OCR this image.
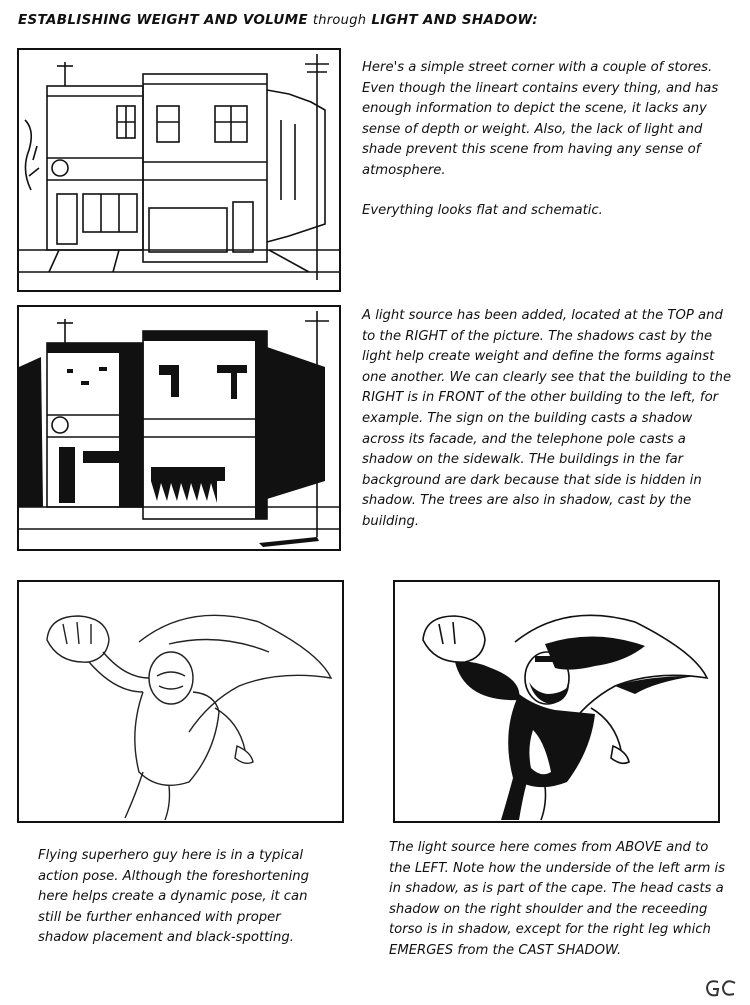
ESTABLISHING WEIGHT AND VOLUME through LIGHT AND SHADOW:

Here's a simple street corner with a couple of stores. Even though the lineart contains every thing, and has enough information to depict the scene, it lacks any sense of depth or weight. Also, the lack of light and shade prevent this scene from having any sense of atmosphere.

Everything looks flat and schematic.

A light source has been added, located at the TOP and to the RIGHT of the picture. The shadows cast by the light help create weight and define the forms against one another. We can clearly see that the building to the RIGHT is in FRONT of the other building to the left, for example. The sign on the building casts a shadow across its facade, and the telephone pole casts a shadow on the sidewalk. THe buildings in the far background are dark because that side is hidden in shadow. The trees are also in shadow, cast by the building.

Flying superhero guy here is in a typical action pose. Although the foreshortening here helps create a dynamic pose, it can still be further enhanced with proper shadow placement and black-spotting.

The light source here comes from ABOVE and to the LEFT. Note how the underside of the left arm is in shadow, as is part of the cape. The head casts a shadow on the right shoulder and the receeding torso is in shadow, except for the right leg which EMERGES from the CAST SHADOW.
